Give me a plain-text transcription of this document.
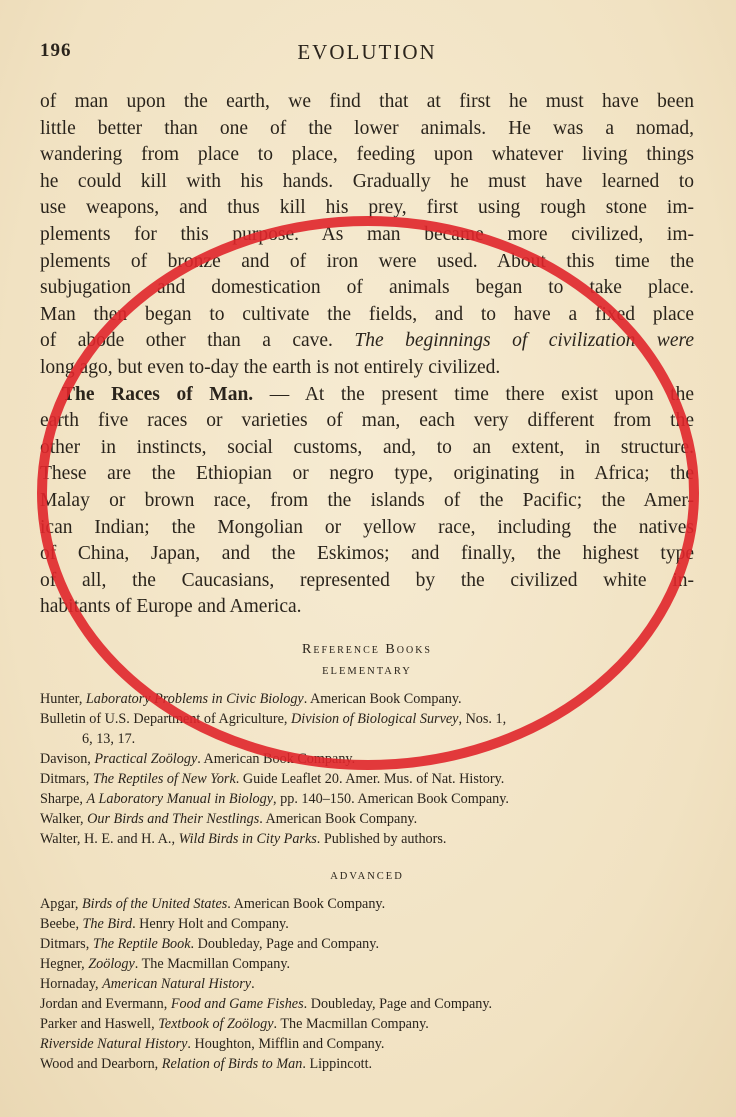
196	EVOLUTION
of man upon the earth, we find that at first he must have been
little better than one of the lower animals. He was a nomad,
wandering from place to place, feeding upon whatever living things
he could kill with his hands. Gradually he must have learned to
use weapons, and thus kill his prey, first using rough stone im-
plements for this purpose. As man became more civilized, im-
plements of bronze and of iron were used. About this time the
subjugation and domestication of animals began to take place.
Man then began to cultivate the fields, and to have a fixed place
of abode other than a cave. The beginnings of civilization were
long ago, but even to-day the earth is not entirely civilized.
The Races of Man. — At the present time there exist upon the
earth five races or varieties of man, each very different from the
other in instincts, social customs, and, to an extent, in structure.
These are the Ethiopian or negro type, originating in Africa; the
Malay or brown race, from the islands of the Pacific; the Amer-
ican Indian; the Mongolian or yellow race, including the natives
of China, Japan, and the Eskimos; and finally, the highest type
of all, the Caucasians, represented by the civilized white in-
habitants of Europe and America.
Reference Books
ELEMENTARY
Hunter, Laboratory Problems in Civic Biology. American Book Company.
Bulletin of U.S. Department of Agriculture, Division of Biological Survey, Nos. 1,
6, 13, 17.
Davison, Practical Zoölogy. American Book Company.
Ditmars, The Reptiles of New York. Guide Leaflet 20. Amer. Mus. of Nat. History.
Sharpe, A Laboratory Manual in Biology, pp. 140–150. American Book Company.
Walker, Our Birds and Their Nestlings. American Book Company.
Walter, H. E. and H. A., Wild Birds in City Parks. Published by authors.
ADVANCED
Apgar, Birds of the United States. American Book Company.
Beebe, The Bird. Henry Holt and Company.
Ditmars, The Reptile Book. Doubleday, Page and Company.
Hegner, Zoölogy. The Macmillan Company.
Hornaday, American Natural History.
Jordan and Evermann, Food and Game Fishes. Doubleday, Page and Company.
Parker and Haswell, Textbook of Zoölogy. The Macmillan Company.
Riverside Natural History. Houghton, Mifflin and Company.
Wood and Dearborn, Relation of Birds to Man. Lippincott.
